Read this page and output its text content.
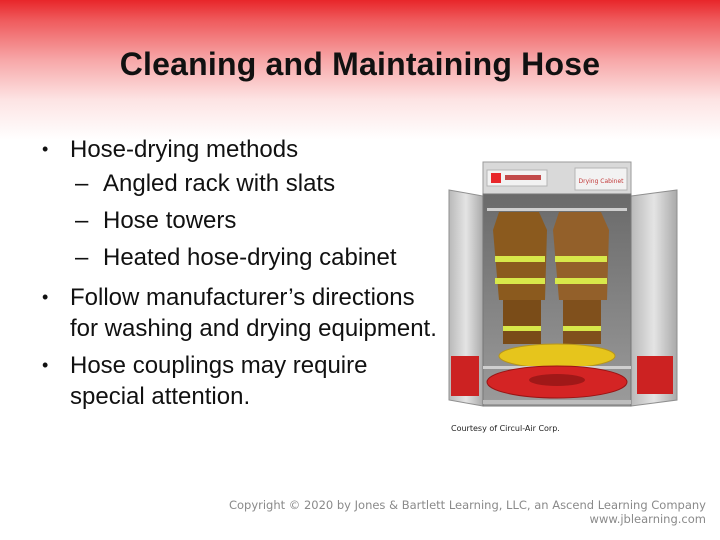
Cleaning and Maintaining Hose
• Hose-drying methods
– Angled rack with slats
– Hose towers
– Heated hose-drying cabinet
• Follow manufacturer’s directions for washing and drying equipment.
• Hose couplings may require special attention.
Drying Cabinet
Courtesy of Circul-Air Corp.
Copyright © 2020 by Jones & Bartlett Learning, LLC, an Ascend Learning Company
www.jblearning.com
